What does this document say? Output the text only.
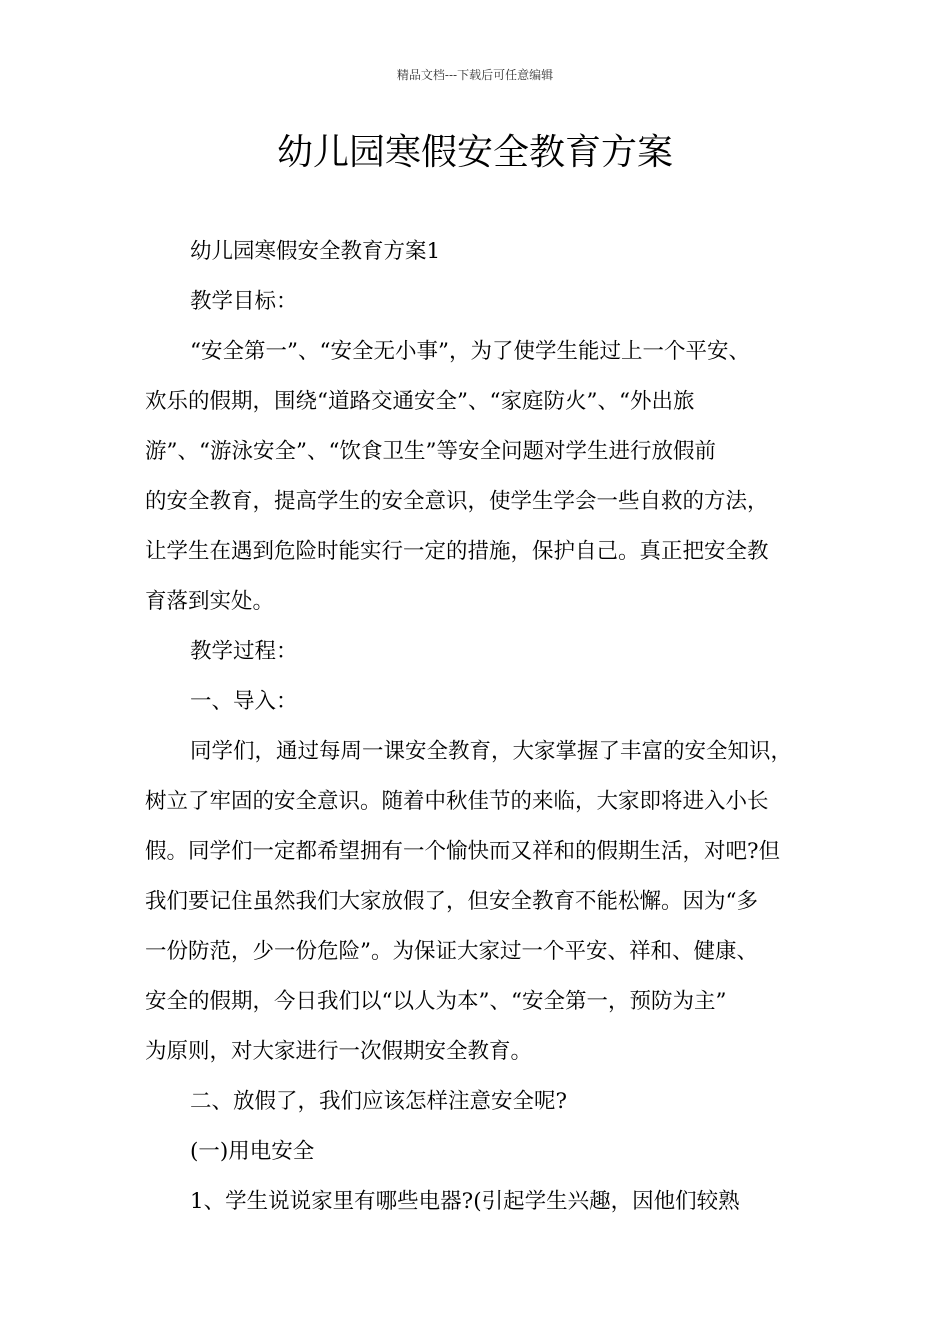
精品文档---下载后可任意编辑
幼儿园寒假安全教育方案
幼儿园寒假安全教育方案1
教学目标：
“安全第一”、“安全无小事”，为了使学生能过上一个平安、
欢乐的假期，围绕“道路交通安全”、“家庭防火”、“外出旅
游”、“游泳安全”、“饮食卫生”等安全问题对学生进行放假前
的安全教育，提高学生的安全意识，使学生学会一些自救的方法，
让学生在遇到危险时能实行一定的措施，保护自己。真正把安全教
育落到实处。
教学过程：
一、导入：
同学们，通过每周一课安全教育，大家掌握了丰富的安全知识，
树立了牢固的安全意识。随着中秋佳节的来临，大家即将进入小长
假。同学们一定都希望拥有一个愉快而又祥和的假期生活，对吧?但
我们要记住虽然我们大家放假了，但安全教育不能松懈。因为“多
一份防范，少一份危险”。为保证大家过一个平安、祥和、健康、
安全的假期，今日我们以“以人为本”、“安全第一，预防为主”
为原则，对大家进行一次假期安全教育。
二、放假了，我们应该怎样注意安全呢?
(一)用电安全
1、学生说说家里有哪些电器?(引起学生兴趣，因他们较熟
